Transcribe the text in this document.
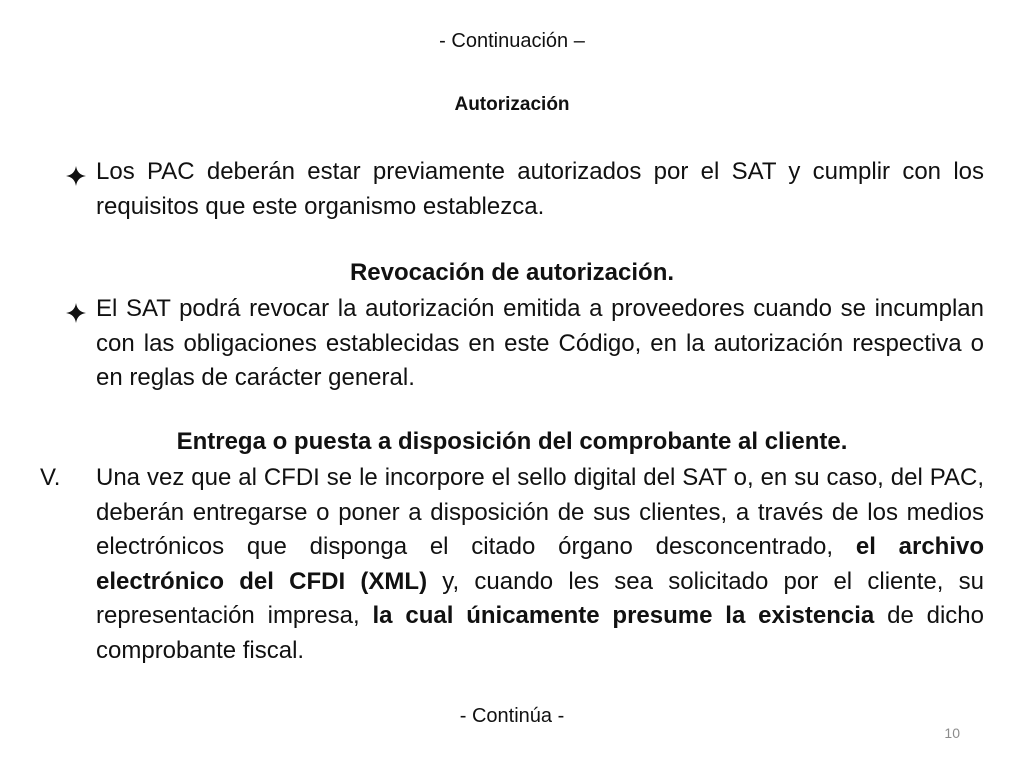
- Continuación –
Autorización
Los PAC deberán estar previamente autorizados por el SAT y cumplir con los requisitos que este organismo establezca.
Revocación de autorización.
El SAT podrá revocar la autorización emitida a proveedores cuando se incumplan con las obligaciones establecidas en este Código, en la autorización respectiva o en reglas de carácter general.
Entrega o puesta a disposición del comprobante al cliente.
V. Una vez que al CFDI se le incorpore el sello digital del SAT o, en su caso, del PAC, deberán entregarse o poner a disposición de sus clientes, a través de los medios electrónicos que disponga el citado órgano desconcentrado, el archivo electrónico del CFDI (XML) y, cuando les sea solicitado por el cliente, su representación impresa, la cual únicamente presume la existencia de dicho comprobante fiscal.
- Continúa -
10
